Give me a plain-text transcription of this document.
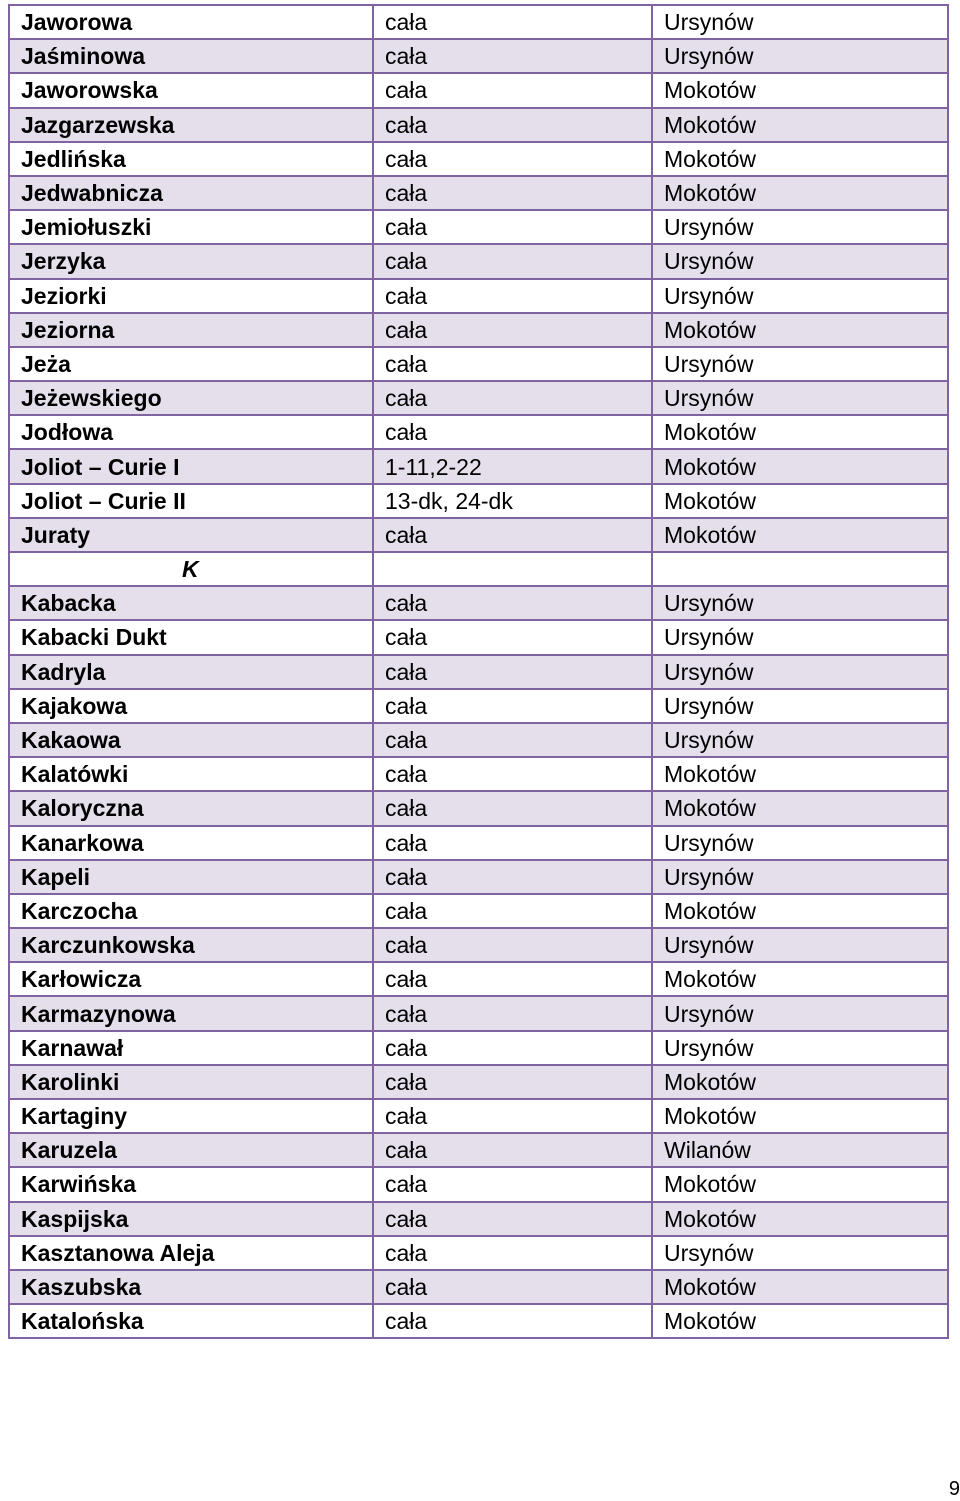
Jaworowa	cała	Ursynów
Jaśminowa	cała	Ursynów
Jaworowska	cała	Mokotów
Jazgarzewska	cała	Mokotów
Jedlińska	cała	Mokotów
Jedwabnicza	cała	Mokotów
Jemiołuszki	cała	Ursynów
Jerzyka	cała	Ursynów
Jeziorki	cała	Ursynów
Jeziorna	cała	Mokotów
Jeża	cała	Ursynów
Jeżewskiego	cała	Ursynów
Jodłowa	cała	Mokotów
Joliot – Curie I	1-11,2-22	Mokotów
Joliot – Curie II	13-dk, 24-dk	Mokotów
Juraty	cała	Mokotów
K		
Kabacka	cała	Ursynów
Kabacki Dukt	cała	Ursynów
Kadryla	cała	Ursynów
Kajakowa	cała	Ursynów
Kakaowa	cała	Ursynów
Kalatówki	cała	Mokotów
Kaloryczna	cała	Mokotów
Kanarkowa	cała	Ursynów
Kapeli	cała	Ursynów
Karczocha	cała	Mokotów
Karczunkowska	cała	Ursynów
Karłowicza	cała	Mokotów
Karmazynowa	cała	Ursynów
Karnawał	cała	Ursynów
Karolinki	cała	Mokotów
Kartaginy	cała	Mokotów
Karuzela	cała	Wilanów
Karwińska	cała	Mokotów
Kaspijska	cała	Mokotów
Kasztanowa Aleja	cała	Ursynów
Kaszubska	cała	Mokotów
Katalońska	cała	Mokotów
9
